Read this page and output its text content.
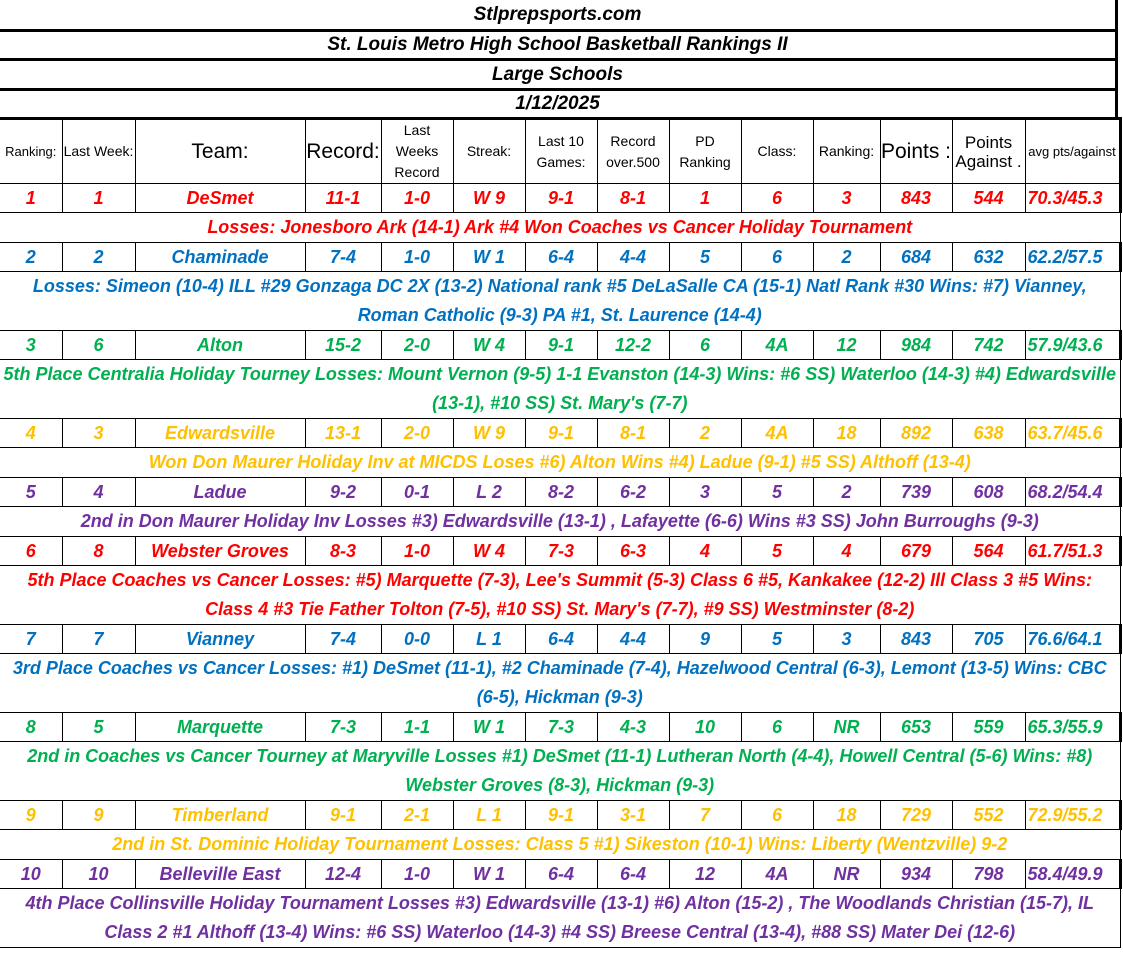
Stlprepsports.com
St. Louis Metro High School Basketball Rankings II
Large Schools
1/12/2025
Ranking:	Last Week:	Team:	Record:	Last Weeks Record	Streak:	Last 10 Games:	Record over.500	PD Ranking	Class:	Ranking:	Points :	Points Against .	avg pts/against
1	1	DeSmet	11-1	1-0	W 9	9-1	8-1	1	6	3	843	544	70.3/45.3
Losses: Jonesboro Ark (14-1) Ark #4 Won Coaches vs Cancer Holiday Tournament													
2	2	Chaminade	7-4	1-0	W 1	6-4	4-4	5	6	2	684	632	62.2/57.5
Losses: Simeon (10-4) ILL #29 Gonzaga DC 2X (13-2) National rank #5 DeLaSalle CA (15-1) Natl Rank #30 Wins: #7) Vianney, Roman Catholic (9-3) PA #1, St. Laurence (14-4)													
3	6	Alton	15-2	2-0	W 4	9-1	12-2	6	4A	12	984	742	57.9/43.6
5th Place Centralia Holiday Tourney Losses: Mount Vernon (9-5) 1-1 Evanston (14-3) Wins: #6 SS) Waterloo (14-3) #4) Edwardsville (13-1), #10 SS) St. Mary's (7-7)													
4	3	Edwardsville	13-1	2-0	W 9	9-1	8-1	2	4A	18	892	638	63.7/45.6
Won Don Maurer Holiday Inv at MICDS Loses #6) Alton Wins #4) Ladue (9-1) #5 SS) Althoff (13-4)													
5	4	Ladue	9-2	0-1	L 2	8-2	6-2	3	5	2	739	608	68.2/54.4
2nd in Don Maurer Holiday Inv Losses #3) Edwardsville (13-1) , Lafayette (6-6) Wins #3 SS) John Burroughs (9-3)													
6	8	Webster Groves	8-3	1-0	W 4	7-3	6-3	4	5	4	679	564	61.7/51.3
5th Place Coaches vs Cancer Losses: #5) Marquette (7-3), Lee's Summit (5-3) Class 6 #5, Kankakee (12-2) Ill Class 3 #5 Wins: Class 4 #3 Tie Father Tolton (7-5), #10 SS) St. Mary's (7-7), #9 SS) Westminster (8-2)													
7	7	Vianney	7-4	0-0	L 1	6-4	4-4	9	5	3	843	705	76.6/64.1
3rd Place Coaches vs Cancer Losses: #1) DeSmet (11-1), #2 Chaminade (7-4), Hazelwood Central (6-3), Lemont (13-5) Wins: CBC (6-5), Hickman (9-3)													
8	5	Marquette	7-3	1-1	W 1	7-3	4-3	10	6	NR	653	559	65.3/55.9
2nd in Coaches vs Cancer Tourney at Maryville Losses #1) DeSmet (11-1) Lutheran North (4-4), Howell Central (5-6) Wins: #8) Webster Groves (8-3), Hickman (9-3)													
9	9	Timberland	9-1	2-1	L 1	9-1	3-1	7	6	18	729	552	72.9/55.2
2nd in St. Dominic Holiday Tournament Losses: Class 5 #1) Sikeston (10-1) Wins: Liberty (Wentzville) 9-2													
10	10	Belleville East	12-4	1-0	W 1	6-4	6-4	12	4A	NR	934	798	58.4/49.9
4th Place Collinsville Holiday Tournament Losses #3) Edwardsville (13-1) #6) Alton (15-2) , The Woodlands Christian (15-7), IL Class 2 #1 Althoff (13-4) Wins: #6 SS) Waterloo (14-3) #4 SS) Breese Central (13-4), #88 SS) Mater Dei (12-6)													
